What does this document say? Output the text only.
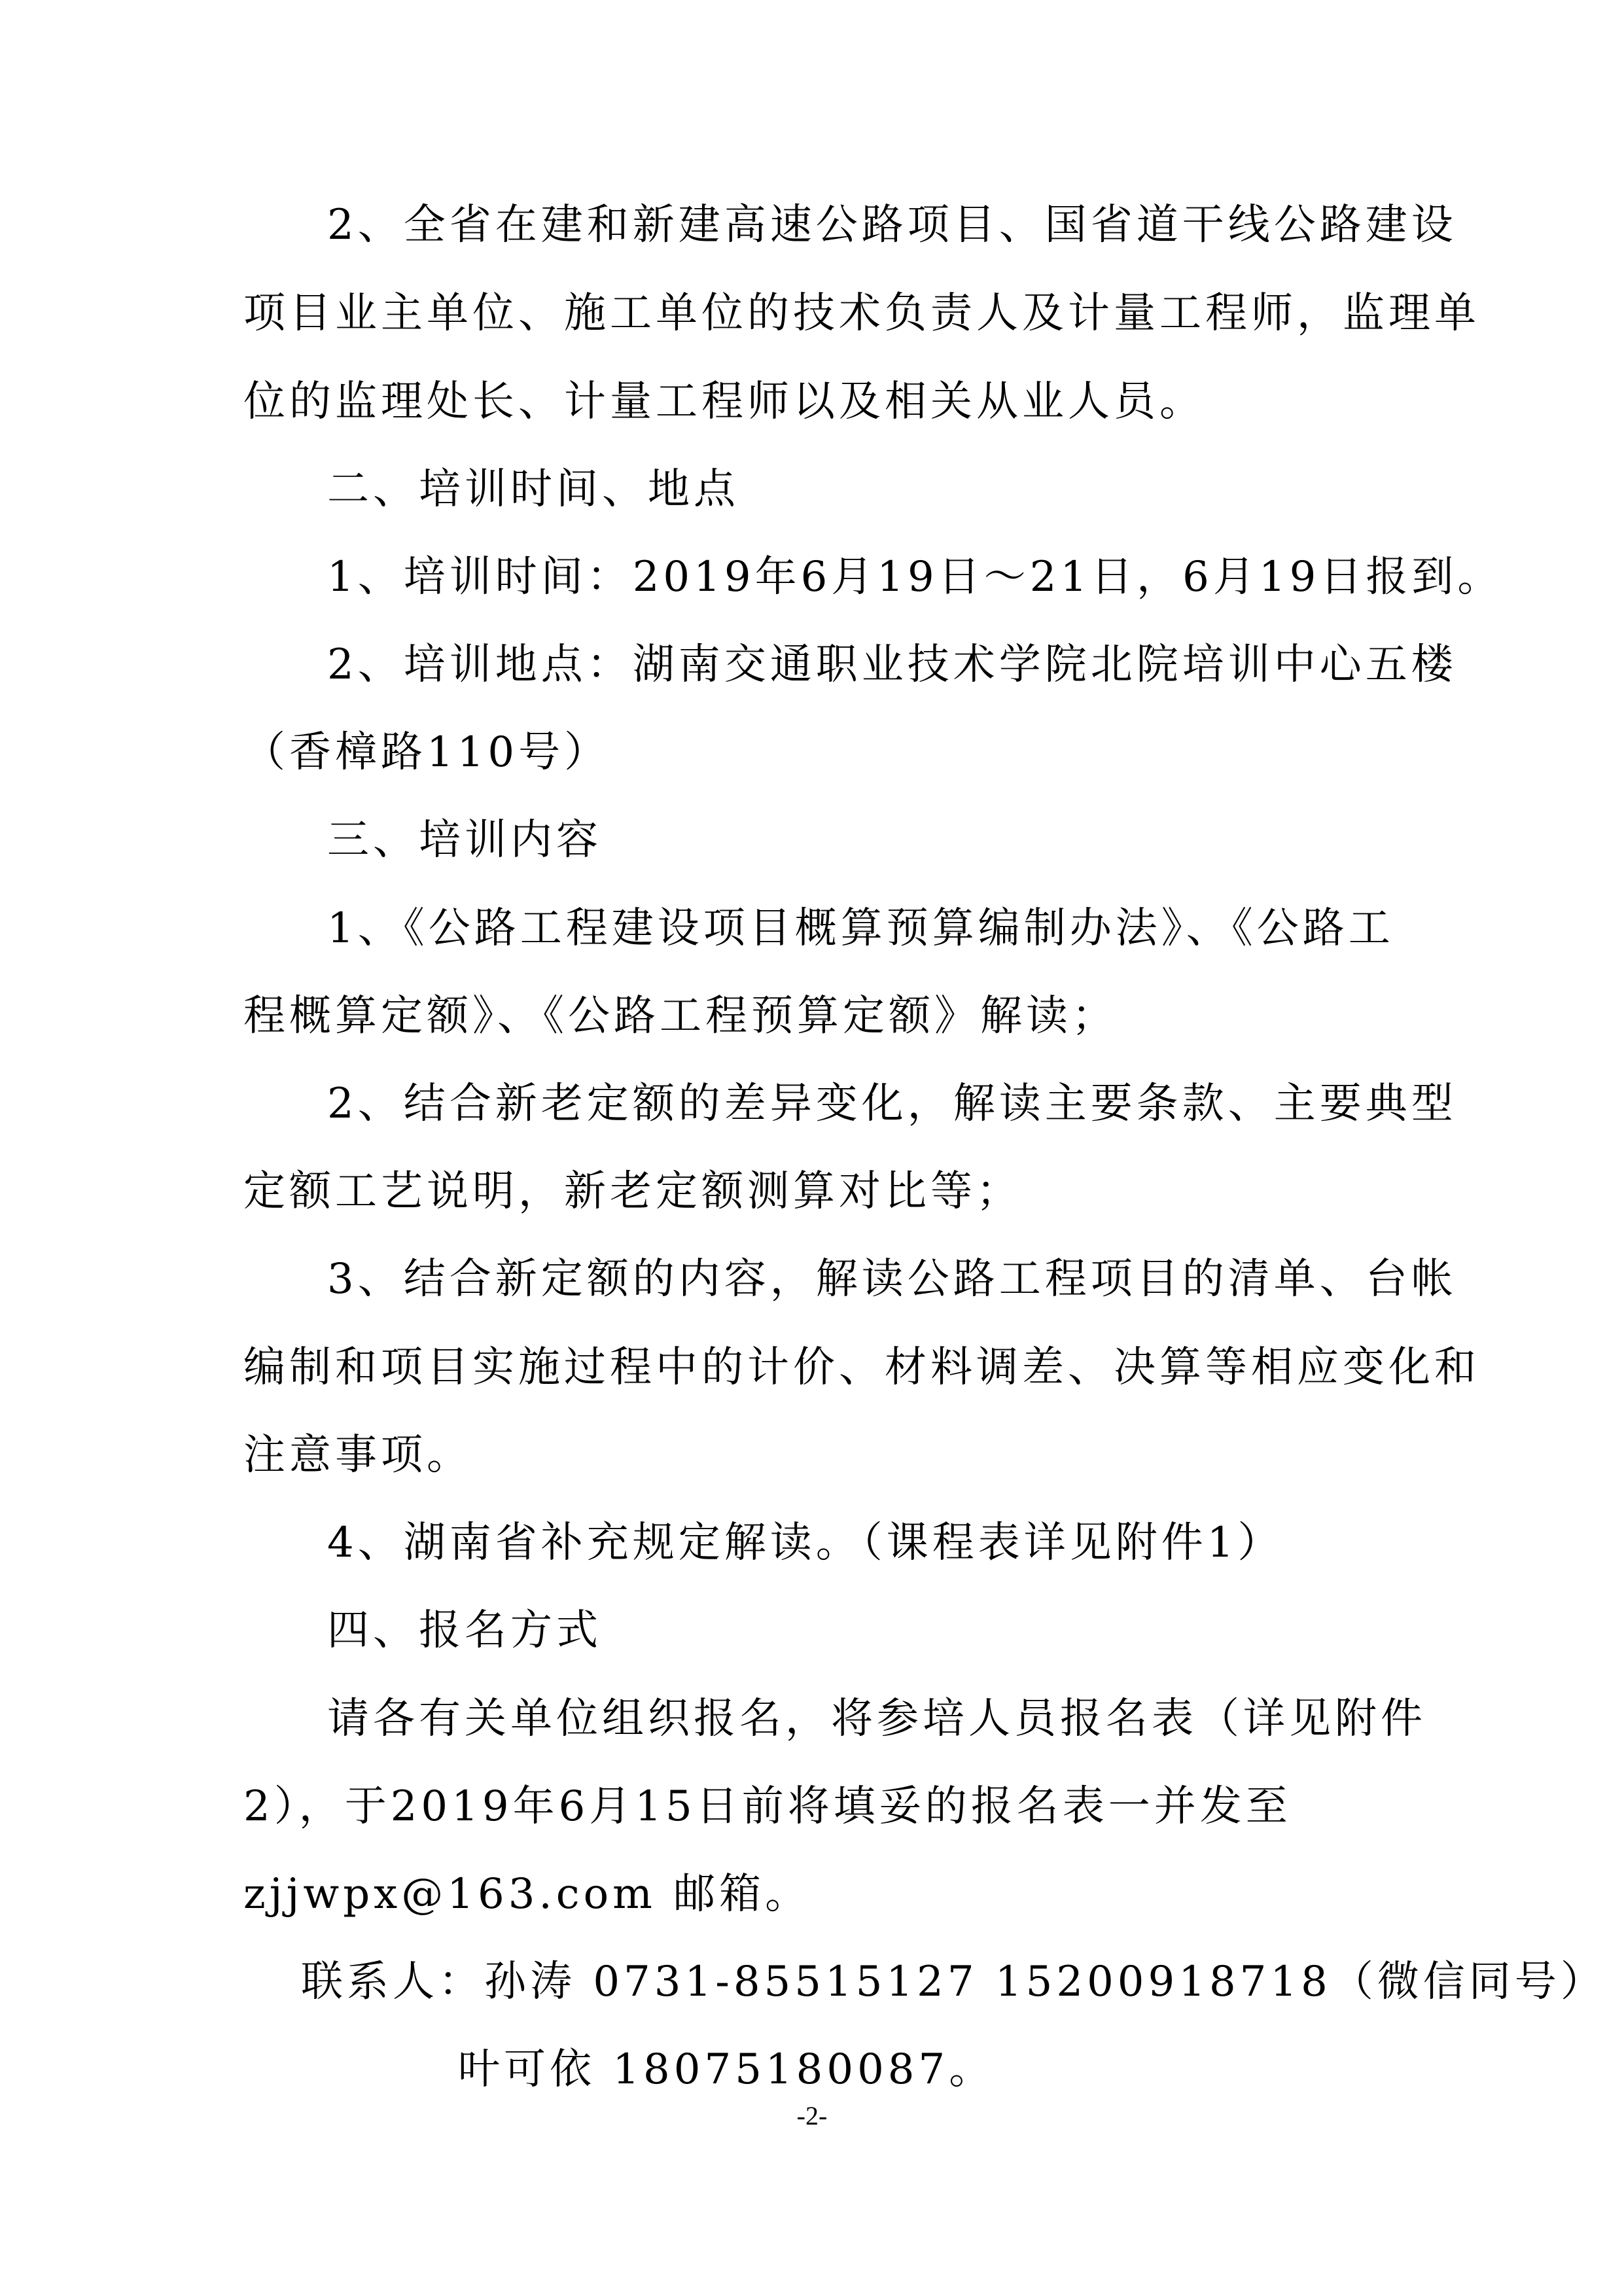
2、全省在建和新建高速公路项目、国省道干线公路建设
项目业主单位、施工单位的技术负责人及计量工程师，监理单
位的监理处长、计量工程师以及相关从业人员。
二、培训时间、地点
1、培训时间：2019年6月19日～21日，6月19日报到。
2、培训地点：湖南交通职业技术学院北院培训中心五楼
（香樟路110号）
三、培训内容
1、《公路工程建设项目概算预算编制办法》、《公路工
程概算定额》、《公路工程预算定额》解读；
2、结合新老定额的差异变化，解读主要条款、主要典型
定额工艺说明，新老定额测算对比等；
3、结合新定额的内容，解读公路工程项目的清单、台帐
编制和项目实施过程中的计价、材料调差、决算等相应变化和
注意事项。
4、湖南省补充规定解读。（课程表详见附件1）
四、报名方式
请各有关单位组织报名，将参培人员报名表（详见附件
2），于2019年6月15日前将填妥的报名表一并发至
zjjwpx@163.com 邮箱。
联系人：孙涛 0731-85515127 15200918718（微信同号）
叶可依 18075180087。
-2-
